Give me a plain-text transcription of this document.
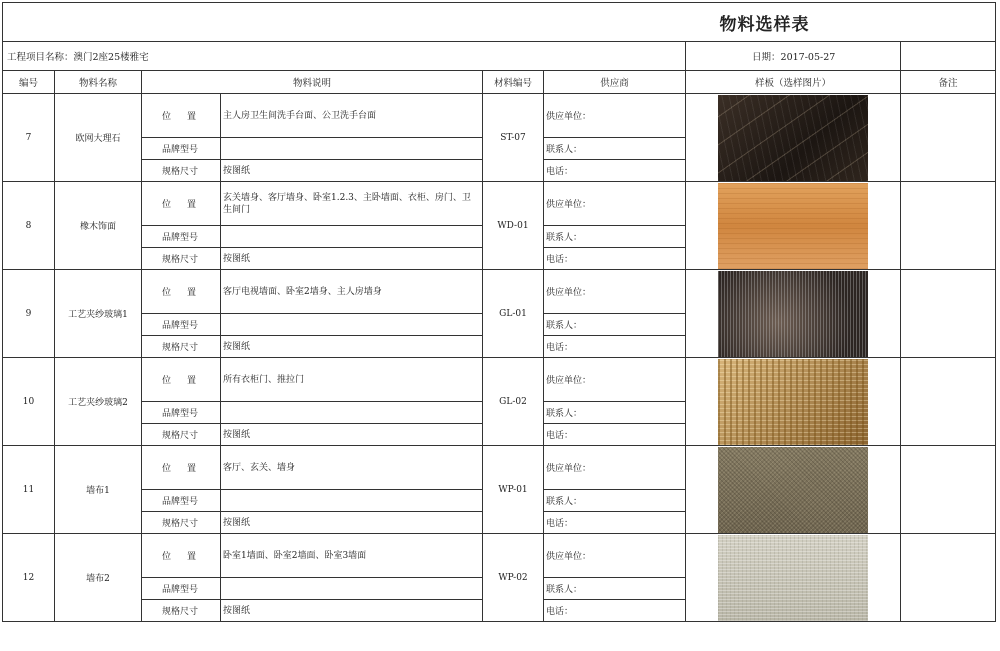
						物料选样表	
工程项目名称：澳门2座25楼雅宅						日期：2017-05-27	
编号	物料名称	物料说明		材料编号	供应商	样板（选样图片）	备注
7	欧网大理石	位 置	主人房卫生间洗手台面、公卫洗手台面	ST-07	供应单位：	

		品牌型号			联系人：		
		规格尺寸	按图纸		电话：		
8	橡木饰面	位 置	玄关墙身、客厅墙身、卧室1.2.3、主卧墙面、衣柜、房门、卫生间门	WD-01	供应单位：	

		品牌型号			联系人：		
		规格尺寸	按图纸		电话：		
9	工艺夹纱玻璃1	位 置	客厅电视墙面、卧室2墙身、主人房墙身	GL-01	供应单位：	

		品牌型号			联系人：		
		规格尺寸	按图纸		电话：		
10	工艺夹纱玻璃2	位 置	所有衣柜门、推拉门	GL-02	供应单位：	

		品牌型号			联系人：		
		规格尺寸	按图纸		电话：		
11	墙布1	位 置	客厅、玄关、墙身	WP-01	供应单位：	

		品牌型号			联系人：		
		规格尺寸	按图纸		电话：		
12	墙布2	位 置	卧室1墙面、卧室2墙面、卧室3墙面	WP-02	供应单位：	

		品牌型号			联系人：		
		规格尺寸	按图纸		电话：		
